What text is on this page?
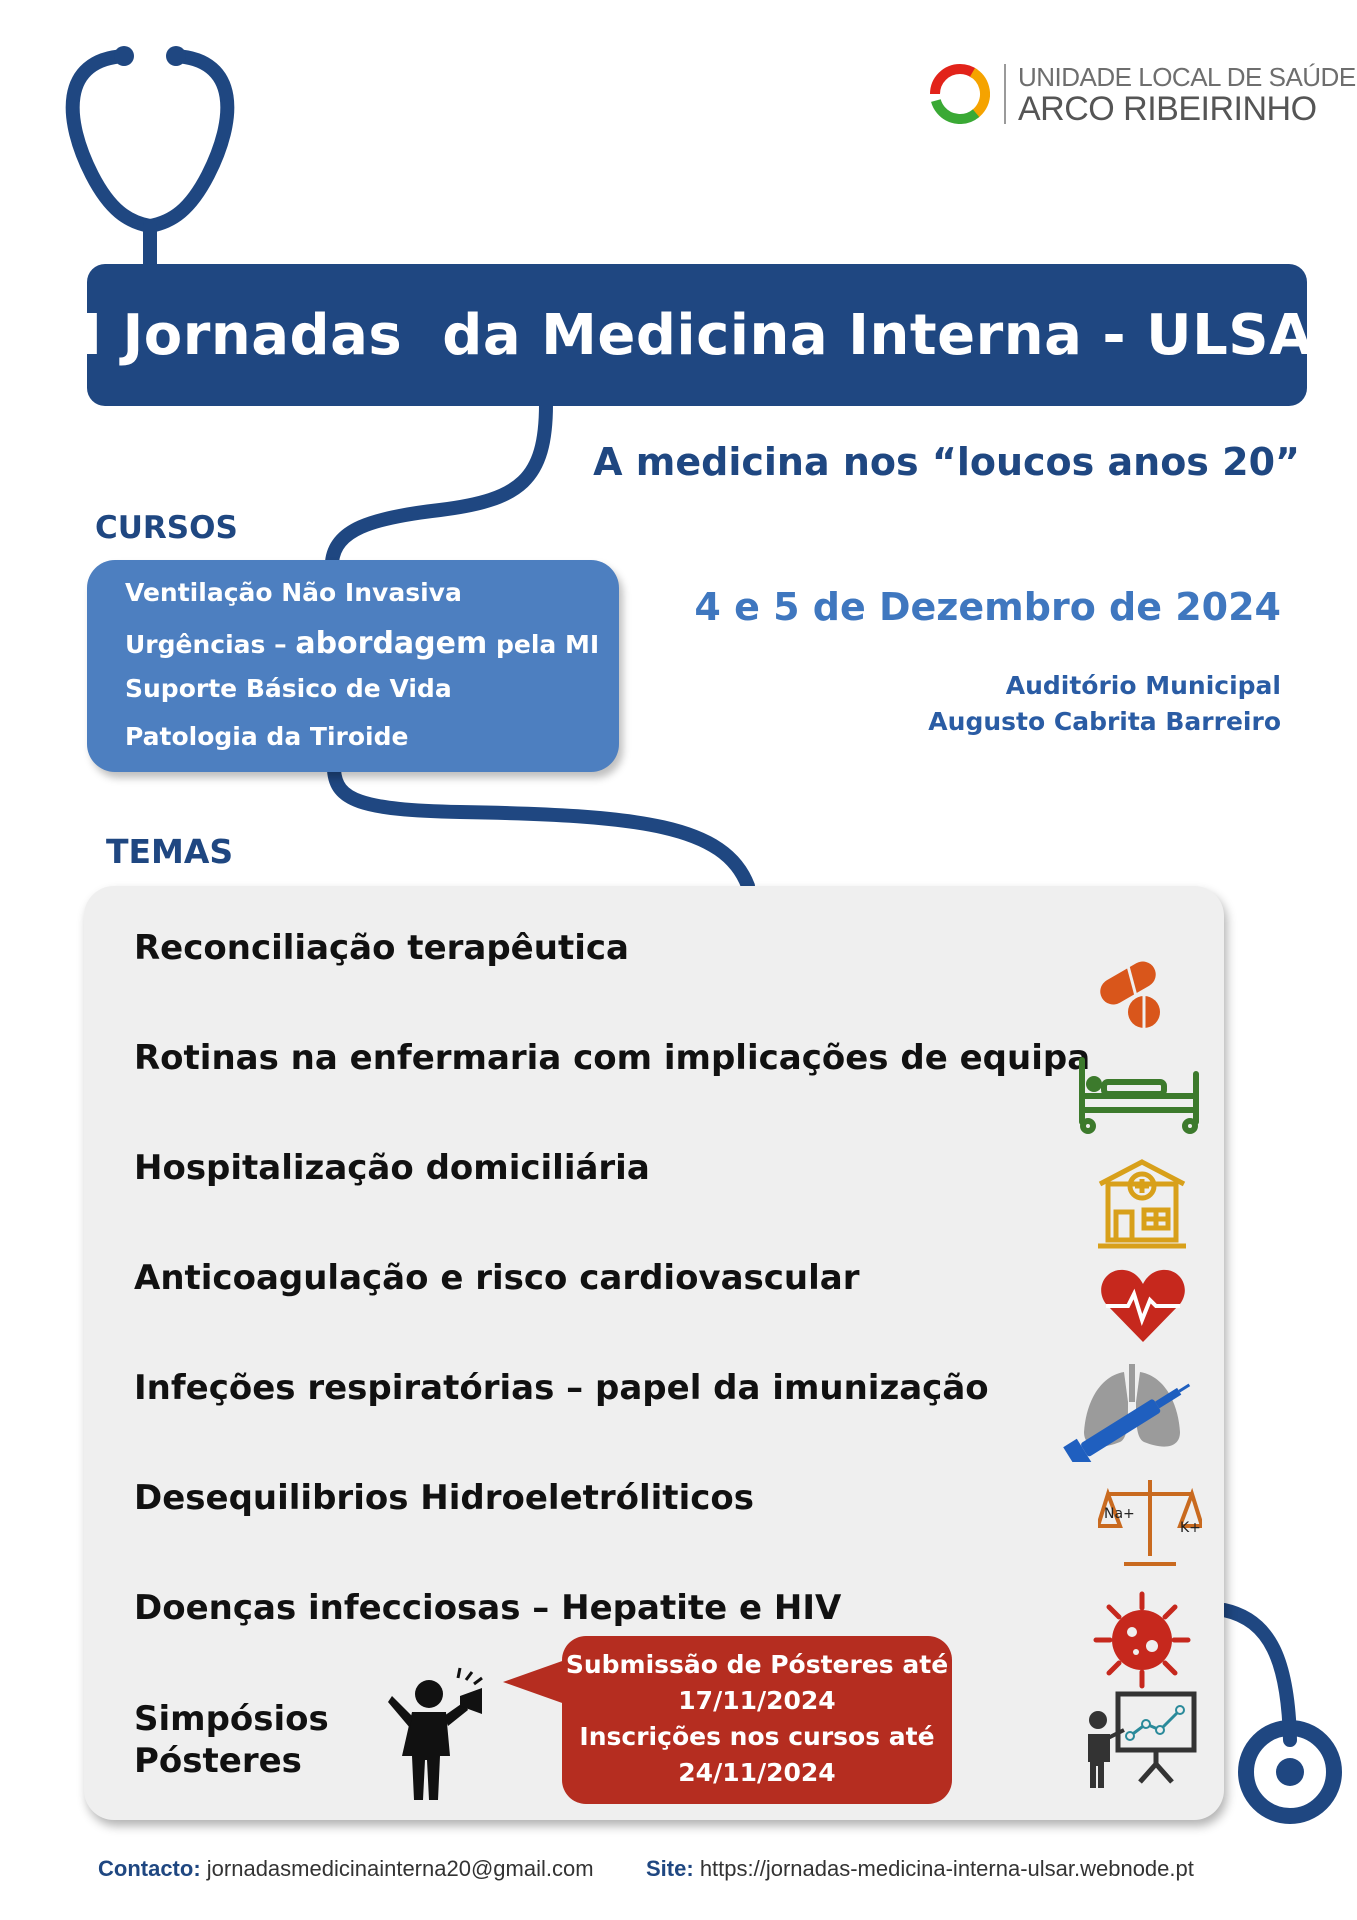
UNIDADE LOCAL DE SAÚDE
ARCO RIBEIRINHO
XI Jornadas  da Medicina Interna - ULSAR
A medicina nos “loucos anos 20”
4 e 5 de Dezembro de 2024
Auditório Municipal
Augusto Cabrita Barreiro
CURSOS
Ventilação Não Invasiva
Urgências – abordagem pela MI
Suporte Básico de Vida
Patologia da Tiroide
TEMAS
Reconciliação terapêutica
Rotinas na enfermaria com implicações de equipa
Hospitalização domiciliária
Anticoagulação e risco cardiovascular
Infeções respiratórias – papel da imunização
Desequilibrios Hidroeletróliticos
Doenças infecciosas – Hepatite e HIV
Simpósios
Pósteres
Na+
K+
Submissão de Pósteres até
17/11/2024
Inscrições nos cursos até
24/11/2024
Contacto: jornadasmedicinainterna20@gmail.com Site: https://jornadas-medicina-interna-ulsar.webnode.pt
